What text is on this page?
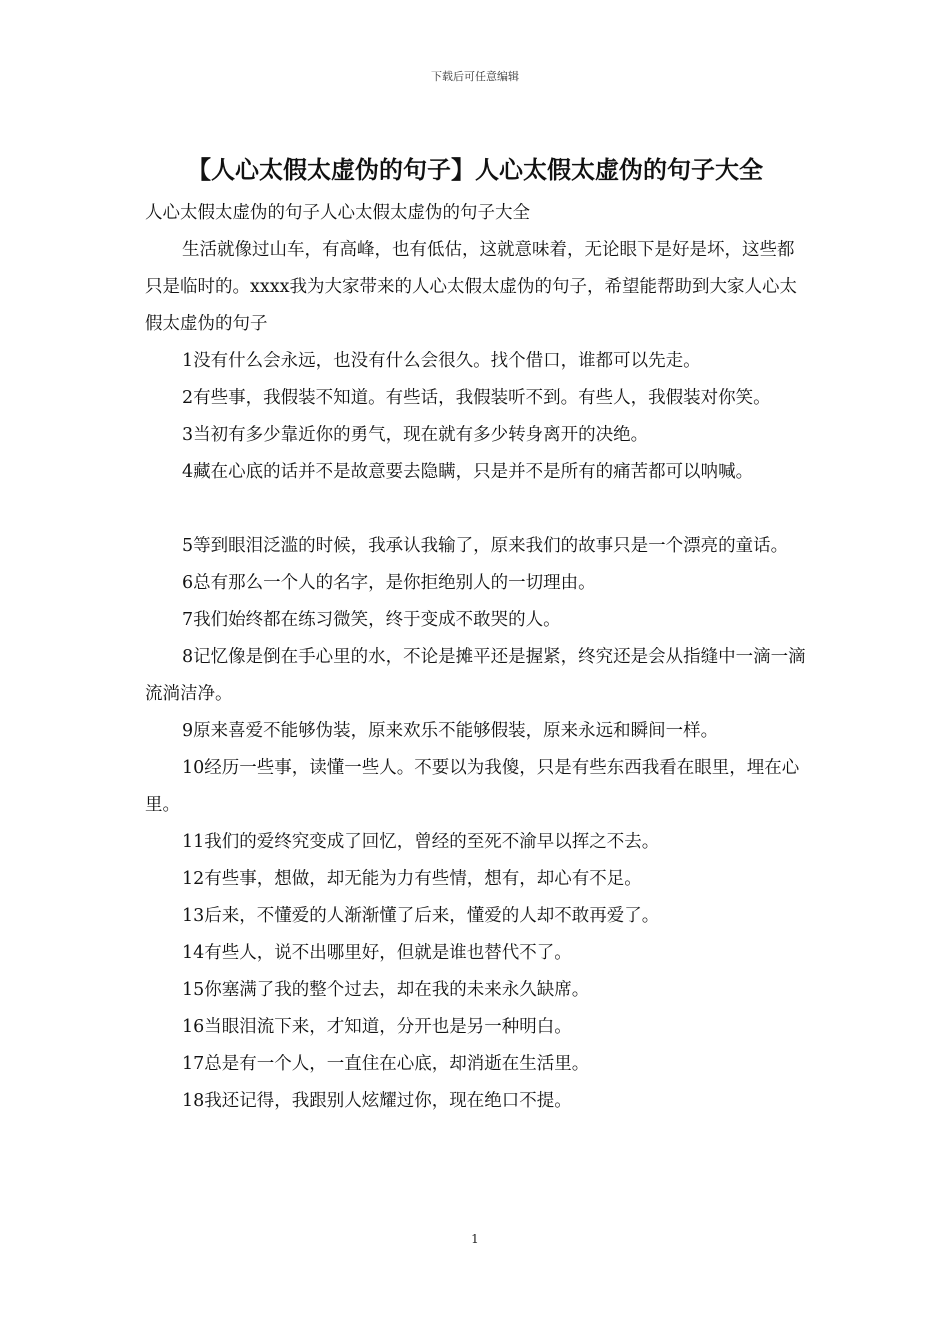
下载后可任意编辑
【人心太假太虚伪的句子】人心太假太虚伪的句子大全

人心太假太虚伪的句子人心太假太虚伪的句子大全

生活就像过山车，有高峰，也有低估，这就意味着，无论眼下是好是坏，这些都只是临时的。xxxx我为大家带来的人心太假太虚伪的句子，希望能帮助到大家人心太假太虚伪的句子

1没有什么会永远，也没有什么会很久。找个借口，谁都可以先走。

2有些事，我假装不知道。有些话，我假装听不到。有些人，我假装对你笑。

3当初有多少靠近你的勇气，现在就有多少转身离开的决绝。

4藏在心底的话并不是故意要去隐瞒，只是并不是所有的痛苦都可以呐喊。

5等到眼泪泛滥的时候，我承认我输了，原来我们的故事只是一个漂亮的童话。

6总有那么一个人的名字，是你拒绝别人的一切理由。

7我们始终都在练习微笑，终于变成不敢哭的人。

8记忆像是倒在手心里的水，不论是摊平还是握紧，终究还是会从指缝中一滴一滴流淌洁净。

9原来喜爱不能够伪装，原来欢乐不能够假装，原来永远和瞬间一样。

10经历一些事，读懂一些人。不要以为我傻，只是有些东西我看在眼里，埋在心里。

11我们的爱终究变成了回忆，曾经的至死不渝早以挥之不去。

12有些事，想做，却无能为力有些情，想有，却心有不足。

13后来，不懂爱的人渐渐懂了后来，懂爱的人却不敢再爱了。

14有些人，说不出哪里好，但就是谁也替代不了。

15你塞满了我的整个过去，却在我的未来永久缺席。

16当眼泪流下来，才知道，分开也是另一种明白。

17总是有一个人，一直住在心底，却消逝在生活里。

18我还记得，我跟别人炫耀过你，现在绝口不提。

1
